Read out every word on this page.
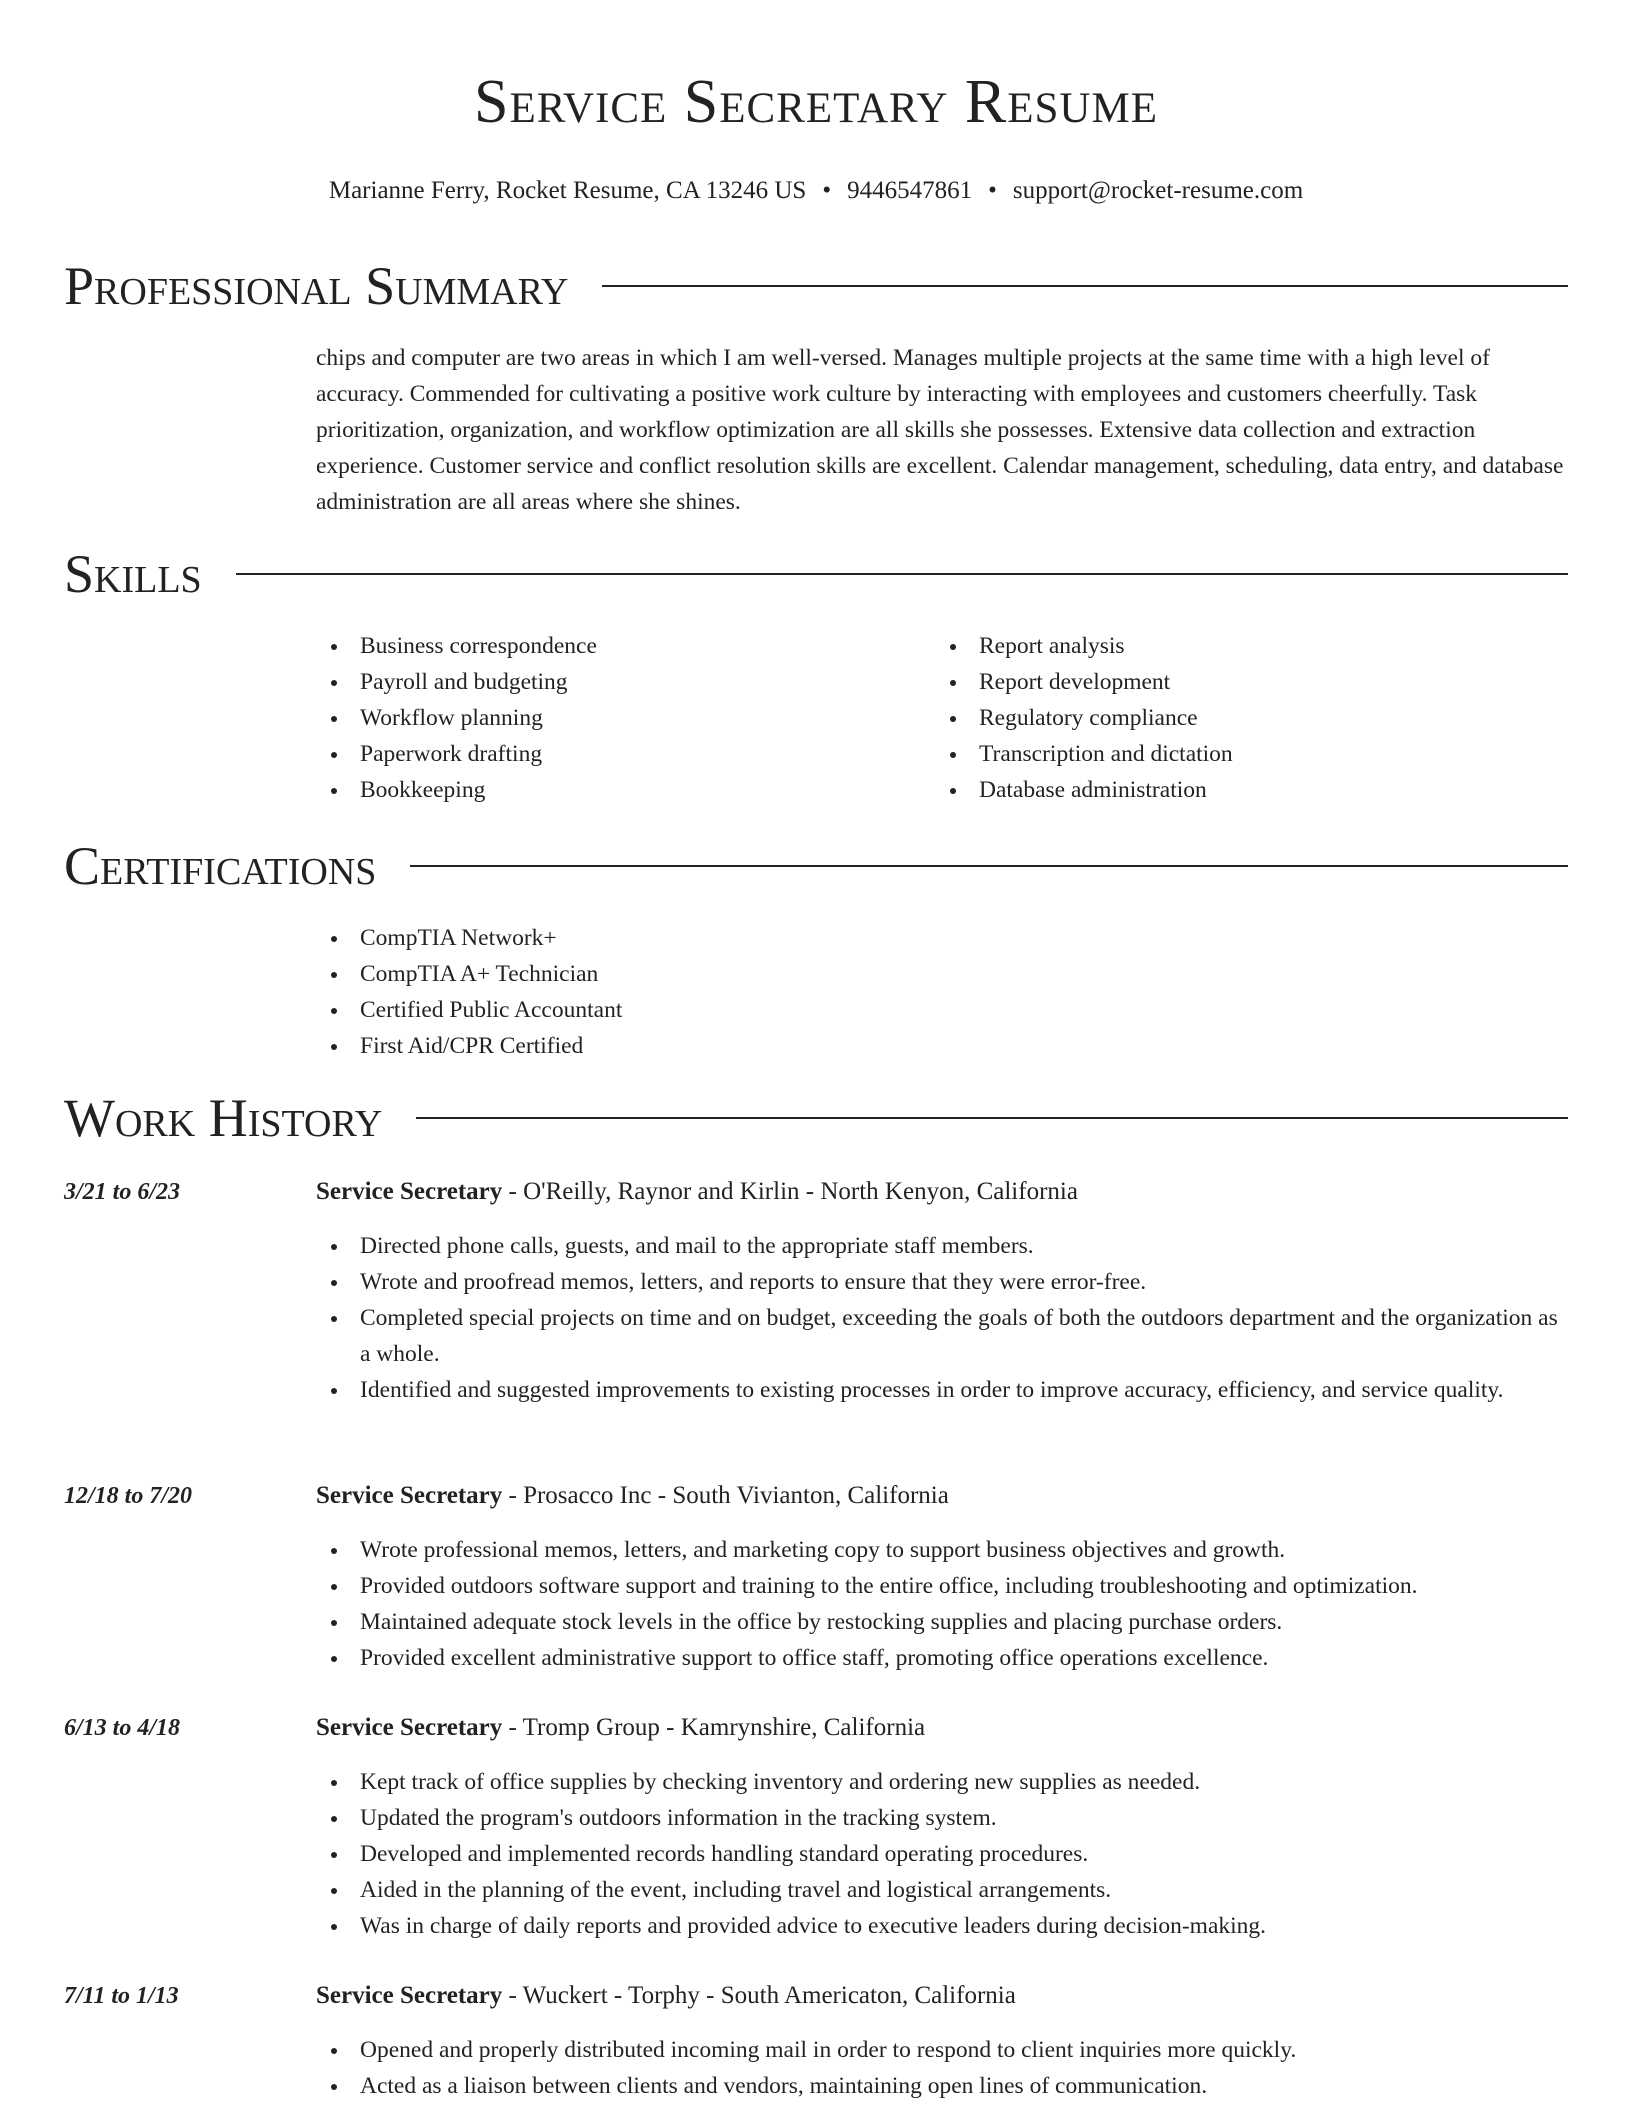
Service Secretary Resume
Marianne Ferry, Rocket Resume, CA 13246 US • 9446547861 • support@rocket-resume.com
Professional Summary

chips and computer are two areas in which I am well-versed. Manages multiple projects at the same time with a high level of accuracy. Commended for cultivating a positive work culture by interacting with employees and customers cheerfully. Task prioritization, organization, and workflow optimization are all skills she possesses. Extensive data collection and extraction experience. Customer service and conflict resolution skills are excellent. Calendar management, scheduling, data entry, and database administration are all areas where she shines.

Skills
Business correspondence
Payroll and budgeting
Workflow planning
Paperwork drafting
Bookkeeping
Report analysis
Report development
Regulatory compliance
Transcription and dictation
Database administration
Certifications
CompTIA Network+
CompTIA A+ Technician
Certified Public Accountant
First Aid/CPR Certified
Work History
3/21 to 6/23	Service Secretary - O'Reilly, Raynor and Kirlin - North Kenyon, California
Directed phone calls, guests, and mail to the appropriate staff members.
Wrote and proofread memos, letters, and reports to ensure that they were error-free.
Completed special projects on time and on budget, exceeding the goals of both the outdoors department and the organization as a whole.
Identified and suggested improvements to existing processes in order to improve accuracy, efficiency, and service quality.
12/18 to 7/20	Service Secretary - Prosacco Inc - South Vivianton, California
Wrote professional memos, letters, and marketing copy to support business objectives and growth.
Provided outdoors software support and training to the entire office, including troubleshooting and optimization.
Maintained adequate stock levels in the office by restocking supplies and placing purchase orders.
Provided excellent administrative support to office staff, promoting office operations excellence.
6/13 to 4/18	Service Secretary - Tromp Group - Kamrynshire, California
Kept track of office supplies by checking inventory and ordering new supplies as needed.
Updated the program's outdoors information in the tracking system.
Developed and implemented records handling standard operating procedures.
Aided in the planning of the event, including travel and logistical arrangements.
Was in charge of daily reports and provided advice to executive leaders during decision-making.
7/11 to 1/13	Service Secretary - Wuckert - Torphy - South Americaton, California
Opened and properly distributed incoming mail in order to respond to client inquiries more quickly.
Acted as a liaison between clients and vendors, maintaining open lines of communication.
